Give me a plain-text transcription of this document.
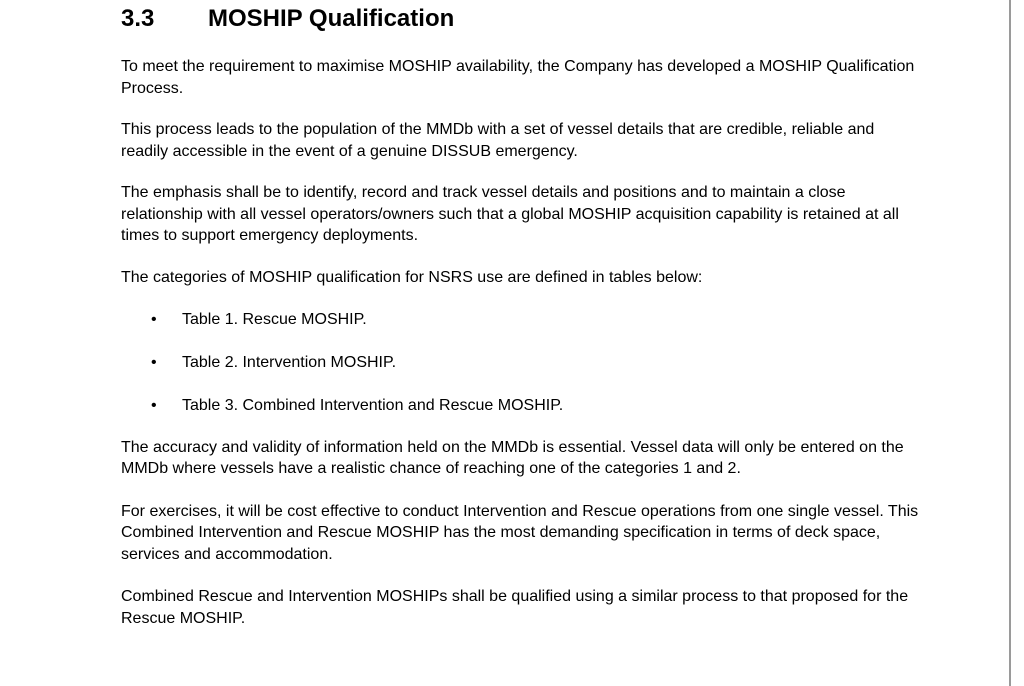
3.3 MOSHIP Qualification

To meet the requirement to maximise MOSHIP availability, the Company has developed a MOSHIP Qualification Process.

This process leads to the population of the MMDb with a set of vessel details that are credible, reliable and readily accessible in the event of a genuine DISSUB emergency.

The emphasis shall be to identify, record and track vessel details and positions and to maintain a close relationship with all vessel operators/owners such that a global MOSHIP acquisition capability is retained at all times to support emergency deployments.

The categories of MOSHIP qualification for NSRS use are defined in tables below:

• Table 1. Rescue MOSHIP.
• Table 2. Intervention MOSHIP.
• Table 3. Combined Intervention and Rescue MOSHIP.

The accuracy and validity of information held on the MMDb is essential. Vessel data will only be entered on the MMDb where vessels have a realistic chance of reaching one of the categories 1 and 2.

For exercises, it will be cost effective to conduct Intervention and Rescue operations from one single vessel. This Combined Intervention and Rescue MOSHIP has the most demanding specification in terms of deck space, services and accommodation.

Combined Rescue and Intervention MOSHIPs shall be qualified using a similar process to that proposed for the Rescue MOSHIP.
